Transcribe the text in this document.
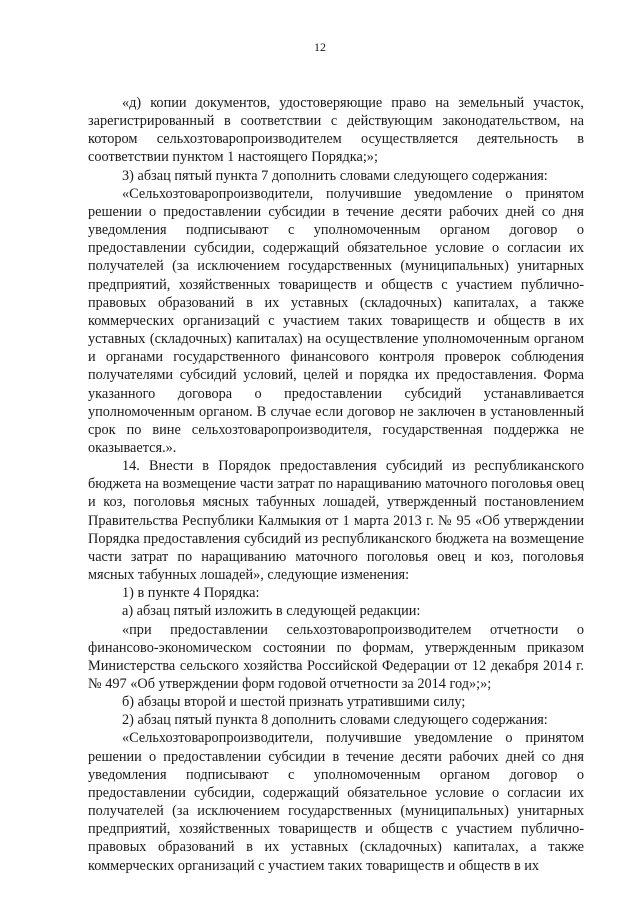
12

«д) копии документов, удостоверяющие право на земельный участок, зарегистрированный в соответствии с действующим законодательством, на котором сельхозтоваропроизводителем осуществляется деятельность в соответствии пунктом 1 настоящего Порядка;»;

3) абзац пятый пункта 7 дополнить словами следующего содержания:

«Сельхозтоваропроизводители, получившие уведомление о принятом решении о предоставлении субсидии в течение десяти рабочих дней со дня уведомления подписывают с уполномоченным органом договор о предоставлении субсидии, содержащий обязательное условие о согласии их получателей (за исключением государственных (муниципальных) унитарных предприятий, хозяйственных товариществ и обществ с участием публично-правовых образований в их уставных (складочных) капиталах, а также коммерческих организаций с участием таких товариществ и обществ в их уставных (складочных) капиталах) на осуществление уполномоченным органом и органами государственного финансового контроля проверок соблюдения получателями субсидий условий, целей и порядка их предоставления. Форма указанного договора о предоставлении субсидий устанавливается уполномоченным органом. В случае если договор не заключен в установленный срок по вине сельхозтоваропроизводителя, государственная поддержка не оказывается.».

14. Внести в Порядок предоставления субсидий из республиканского бюджета на возмещение части затрат по наращиванию маточного поголовья овец и коз, поголовья мясных табунных лошадей, утвержденный постановлением Правительства Республики Калмыкия от 1 марта 2013 г. № 95 «Об утверждении Порядка предоставления субсидий из республиканского бюджета на возмещение части затрат по наращиванию маточного поголовья овец и коз, поголовья мясных табунных лошадей», следующие изменения:

1) в пункте 4 Порядка:

а) абзац пятый изложить в следующей редакции:

«при предоставлении сельхозтоваропроизводителем отчетности о финансово-экономическом состоянии по формам, утвержденным приказом Министерства сельского хозяйства Российской Федерации от 12 декабря 2014 г. № 497 «Об утверждении форм годовой отчетности за 2014 год»;»;

б) абзацы второй и шестой признать утратившими силу;

2) абзац пятый пункта 8 дополнить словами следующего содержания:

«Сельхозтоваропроизводители, получившие уведомление о принятом решении о предоставлении субсидии в течение десяти рабочих дней со дня уведомления подписывают с уполномоченным органом договор о предоставлении субсидии, содержащий обязательное условие о согласии их получателей (за исключением государственных (муниципальных) унитарных предприятий, хозяйственных товариществ и обществ с участием публично-правовых образований в их уставных (складочных) капиталах, а также коммерческих организаций с участием таких товариществ и обществ в их
